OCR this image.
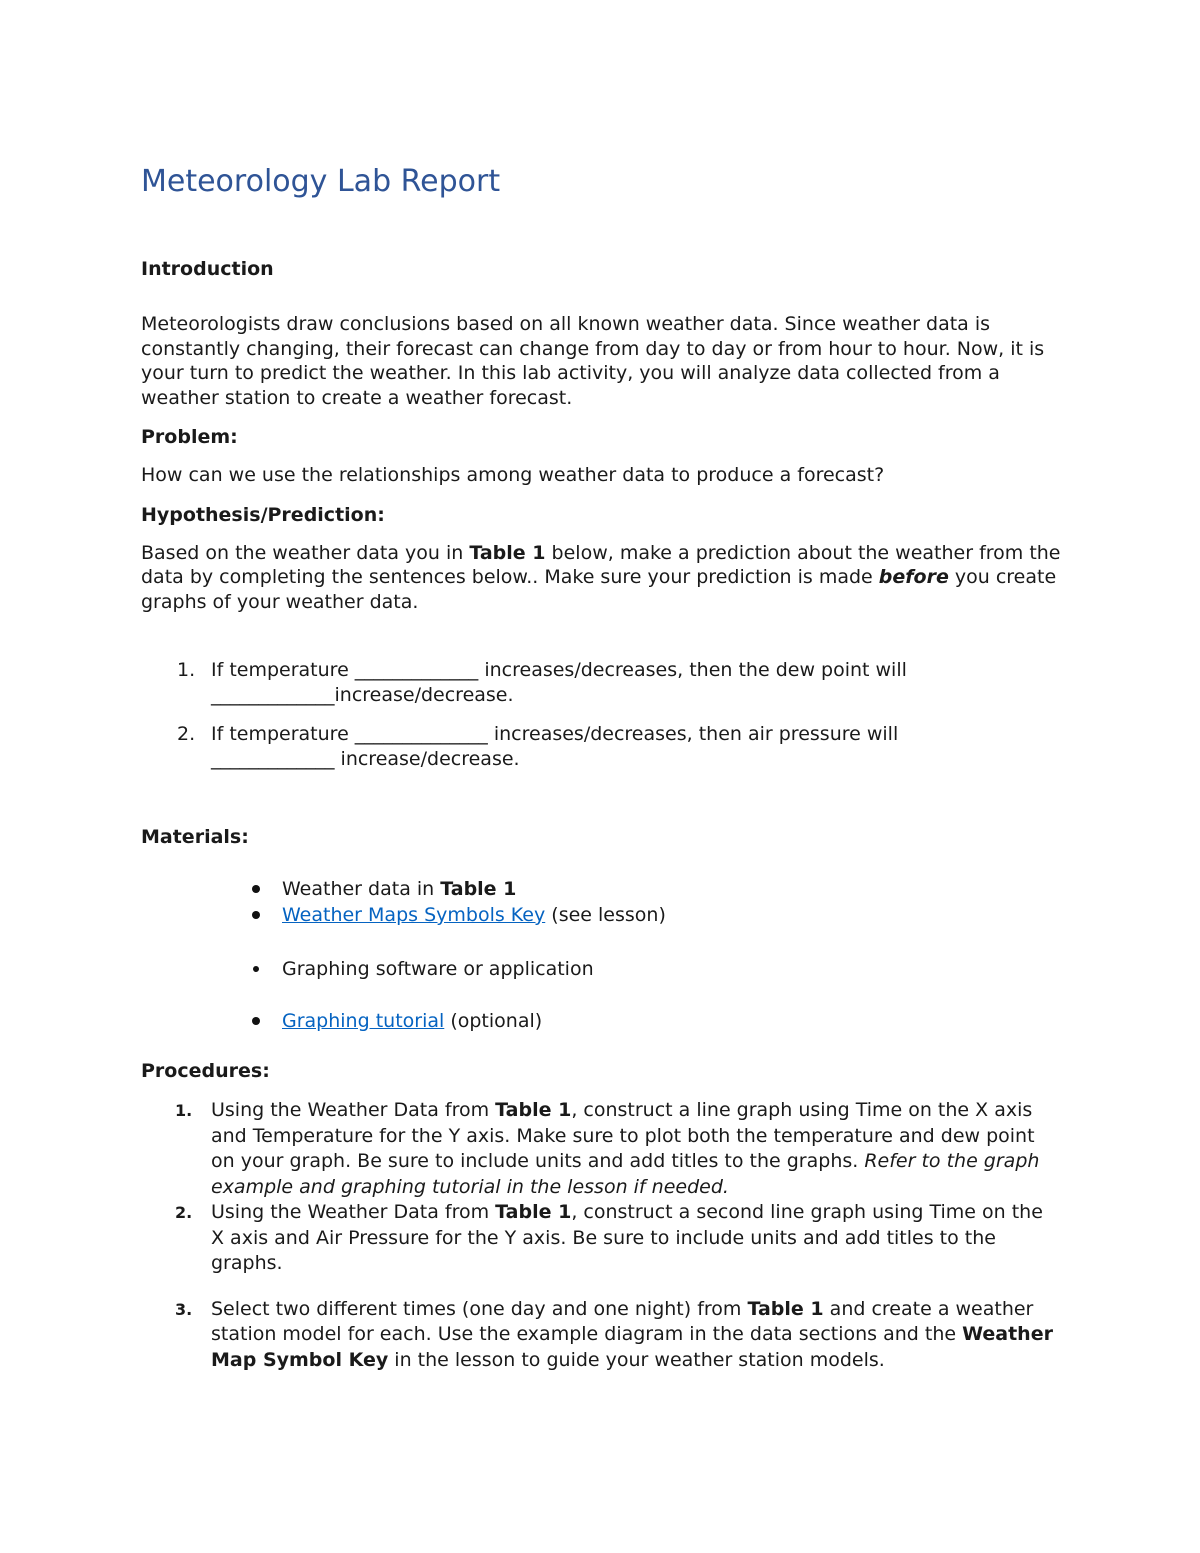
Meteorology Lab Report
Introduction

Meteorologists draw conclusions based on all known weather data. Since weather data is constantly changing, their forecast can change from day to day or from hour to hour. Now, it is your turn to predict the weather. In this lab activity, you will analyze data collected from a weather station to create a weather forecast.

Problem:

How can we use the relationships among weather data to produce a forecast?

Hypothesis/Prediction:

Based on the weather data you in Table 1 below, make a prediction about the weather from the data by completing the sentences below.. Make sure your prediction is made before you create graphs of your weather data.

1. If temperature _____________ increases/decreases, then the dew point will
_____________increase/decrease.
2. If temperature ______________ increases/decreases, then air pressure will
_____________ increase/decrease.
Materials:
Weather data in Table 1
Weather Maps Symbols Key (see lesson)
Graphing software or application
Graphing tutorial (optional)
Procedures:
1. Using the Weather Data from Table 1, construct a line graph using Time on the X axis and Temperature for the Y axis. Make sure to plot both the temperature and dew point on your graph. Be sure to include units and add titles to the graphs. Refer to the graph example and graphing tutorial in the lesson if needed.
2. Using the Weather Data from Table 1, construct a second line graph using Time on the X axis and Air Pressure for the Y axis. Be sure to include units and add titles to the graphs.
3. Select two different times (one day and one night) from Table 1 and create a weather station model for each. Use the example diagram in the data sections and the Weather Map Symbol Key in the lesson to guide your weather station models.
